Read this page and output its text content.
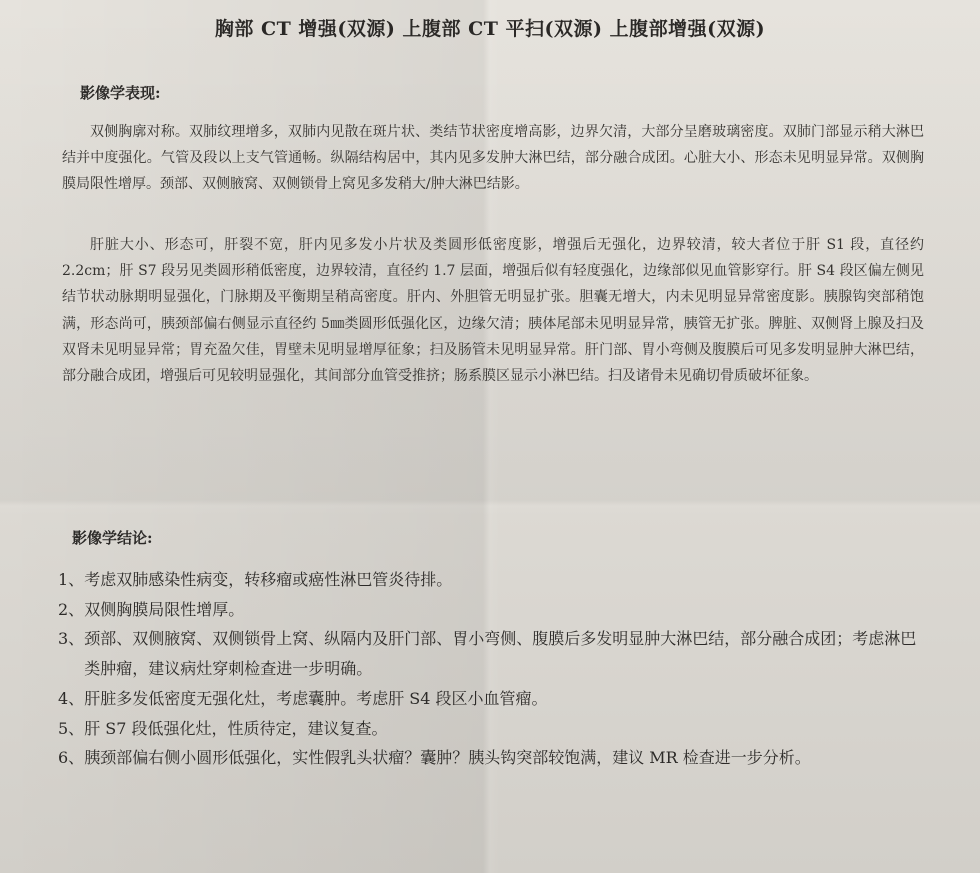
胸部 CT 增强(双源) 上腹部 CT 平扫(双源) 上腹部增强(双源)
影像学表现:

双侧胸廓对称。双肺纹理增多，双肺内见散在斑片状、类结节状密度增高影，边界欠清，大部分呈磨玻璃密度。双肺门部显示稍大淋巴结并中度强化。气管及段以上支气管通畅。纵隔结构居中，其内见多发肿大淋巴结，部分融合成团。心脏大小、形态未见明显异常。双侧胸膜局限性增厚。颈部、双侧腋窝、双侧锁骨上窝见多发稍大/肿大淋巴结影。

肝脏大小、形态可，肝裂不宽，肝内见多发小片状及类圆形低密度影，增强后无强化，边界较清，较大者位于肝 S1 段，直径约 2.2cm；肝 S7 段另见类圆形稍低密度，边界较清，直径约 1.7 层面，增强后似有轻度强化，边缘部似见血管影穿行。肝 S4 段区偏左侧见结节状动脉期明显强化，门脉期及平衡期呈稍高密度。肝内、外胆管无明显扩张。胆囊无增大，内未见明显异常密度影。胰腺钩突部稍饱满，形态尚可，胰颈部偏右侧显示直径约 5㎜类圆形低强化区，边缘欠清；胰体尾部未见明显异常，胰管无扩张。脾脏、双侧肾上腺及扫及双肾未见明显异常；胃充盈欠佳，胃壁未见明显增厚征象；扫及肠管未见明显异常。肝门部、胃小弯侧及腹膜后可见多发明显肿大淋巴结，部分融合成团，增强后可见较明显强化，其间部分血管受推挤；肠系膜区显示小淋巴结。扫及诸骨未见确切骨质破坏征象。

影像学结论:
1、 考虑双肺感染性病变，转移瘤或癌性淋巴管炎待排。
2、 双侧胸膜局限性增厚。
3、 颈部、双侧腋窝、双侧锁骨上窝、纵隔内及肝门部、胃小弯侧、腹膜后多发明显肿大淋巴结，部分融合成团；考虑淋巴类肿瘤，建议病灶穿刺检查进一步明确。
4、 肝脏多发低密度无强化灶，考虑囊肿。考虑肝 S4 段区小血管瘤。
5、 肝 S7 段低强化灶，性质待定，建议复查。
6、 胰颈部偏右侧小圆形低强化，实性假乳头状瘤？囊肿？胰头钩突部较饱满，建议 MR 检查进一步分析。
